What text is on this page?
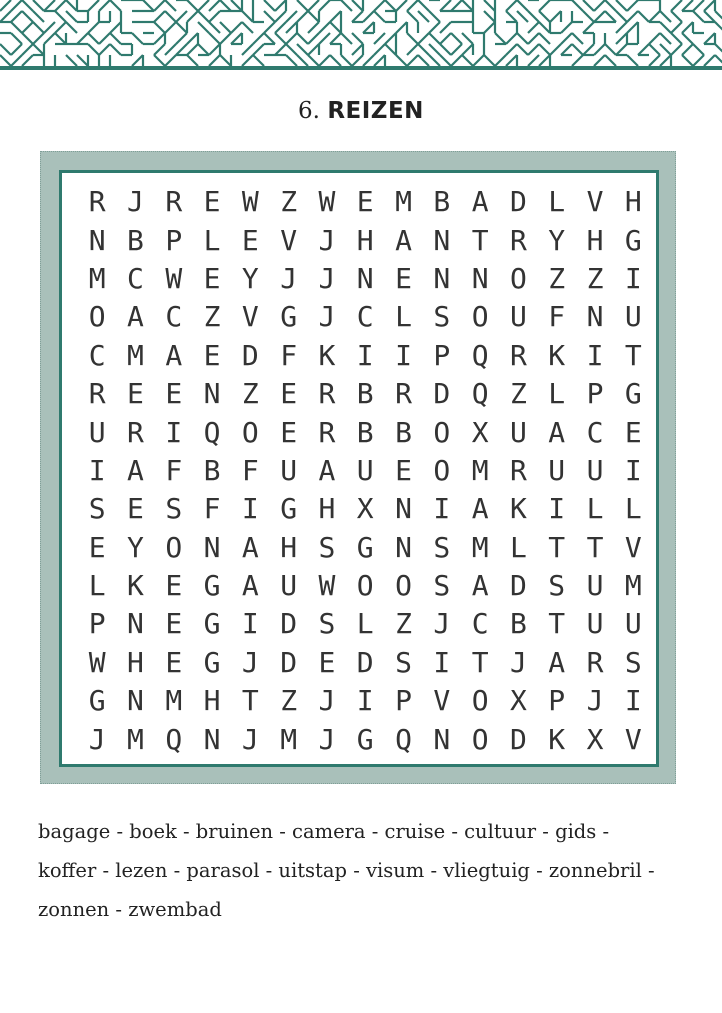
6. REIZEN
R	J	R	E	W	Z	W	E	M	B	A	D	L	V	H
N	B	P	L	E	V	J	H	A	N	T	R	Y	H	G
M	C	W	E	Y	J	J	N	E	N	N	O	Z	Z	I
O	A	C	Z	V	G	J	C	L	S	O	U	F	N	U
C	M	A	E	D	F	K	I	I	P	Q	R	K	I	T
R	E	E	N	Z	E	R	B	R	D	Q	Z	L	P	G
U	R	I	Q	O	E	R	B	B	O	X	U	A	C	E
I	A	F	B	F	U	A	U	E	O	M	R	U	U	I
S	E	S	F	I	G	H	X	N	I	A	K	I	L	L
E	Y	O	N	A	H	S	G	N	S	M	L	T	T	V
L	K	E	G	A	U	W	O	O	S	A	D	S	U	M
P	N	E	G	I	D	S	L	Z	J	C	B	T	U	U
W	H	E	G	J	D	E	D	S	I	T	J	A	R	S
G	N	M	H	T	Z	J	I	P	V	O	X	P	J	I
J	M	Q	N	J	M	J	G	Q	N	O	D	K	X	V
bagage - boek - bruinen - camera - cruise - cultuur - gids -
koffer - lezen - parasol - uitstap - visum - vliegtuig - zonnebril -
zonnen - zwembad
